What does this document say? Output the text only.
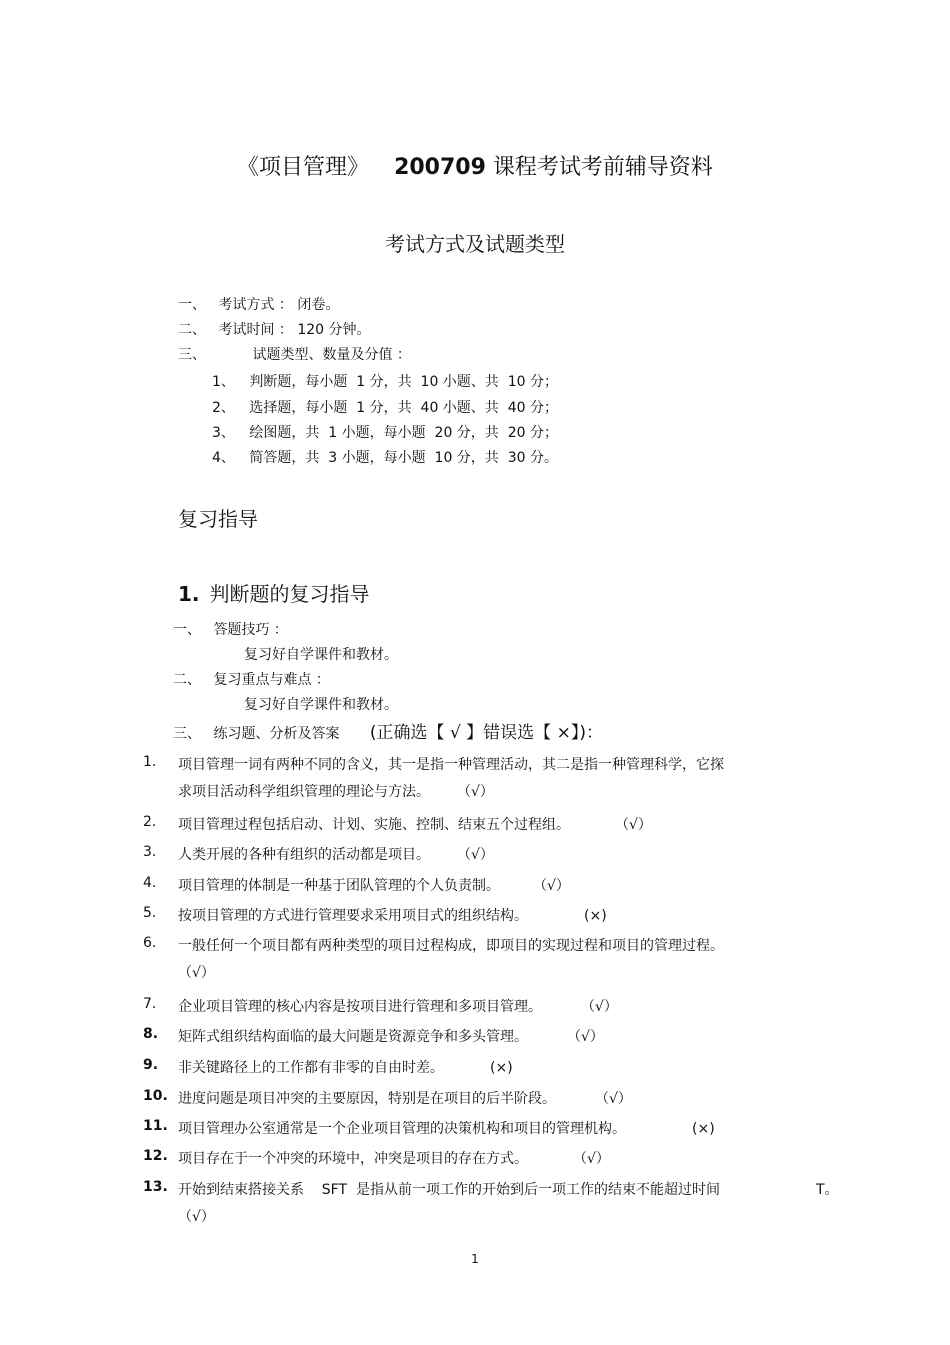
《项目管理》 200709 课程考试考前辅导资料
考试方式及试题类型
一、 考试方式 ： 闭卷。
二、 考试时间 ： 120 分钟。
三、	试题类型、数量及分值 ：
1、 判断题，每小题  1 分，共  10 小题、共  10 分；
2、 选择题，每小题  1 分，共  40 小题、共  40 分；
3、 绘图题，共  1 小题，每小题  20 分，共  20 分；
4、 简答题，共  3 小题，每小题  10 分，共  30 分。
复习指导
1. 判断题的复习指导
一、 答题技巧 ：
复习好自学课件和教材。
二、 复习重点与难点 ：
复习好自学课件和教材。
三、 练习题、分析及答案 (正确选【 √ 】错误选【 ×】)：
1. 项目管理一词有两种不同的含义，其一是指一种管理活动，其二是指一种管理科学，它探
求项目活动科学组织管理的理论与方法。 （√）
2. 项目管理过程包括启动、计划、实施、控制、结束五个过程组。	（√）
3. 人类开展的各种有组织的活动都是项目。 （√）
4. 项目管理的体制是一种基于团队管理的个人负责制。	（√）
5. 按项目管理的方式进行管理要求采用项目式的组织结构。	(×)
6. 一般任何一个项目都有两种类型的项目过程构成，即项目的实现过程和项目的管理过程。
（√）
7. 企业项目管理的核心内容是按项目进行管理和多项目管理。	（√）
8. 矩阵式组织结构面临的最大问题是资源竞争和多头管理。	（√）
9. 非关键路径上的工作都有非零的自由时差。	(×)
10. 进度问题是项目冲突的主要原因，特别是在项目的后半阶段。	（√）
11. 项目管理办公室通常是一个企业项目管理的决策机构和项目的管理机构。	(×)
12. 项目存在于一个冲突的环境中，冲突是项目的存在方式。	（√）
13. 开始到结束搭接关系    SFT  是指从前一项工作的开始到后一项工作的结束不能超过时间	T。
（√）
1
